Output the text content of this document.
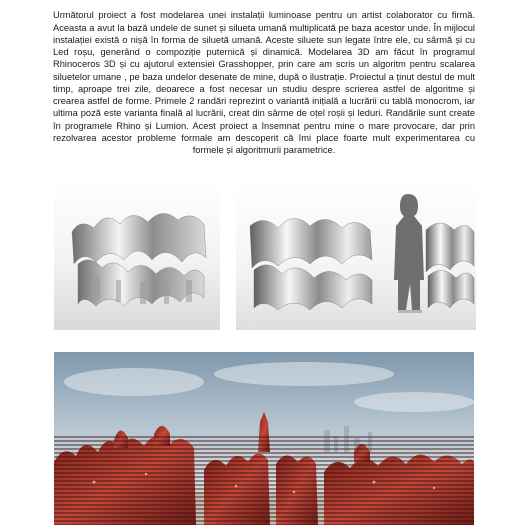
Următorul proiect a fost modelarea unei instalații luminoase pentru un artist colaborator cu firmă. Aceasta a avut la bază undele de sunet și silueta umană multiplicată pe baza acestor unde. În mijlocul instalației există o nișă în forma de siluetă umană. Aceste siluete sun legate între ele, cu sârmă și cu Led roșu, generând o compoziție puternică și dinamică. Modelarea 3D am făcut în programul Rhinoceros 3D și cu ajutorul extensiei Grasshopper, prin care am scris un algoritm pentru scalarea siluetelor umane , pe baza undelor desenate de mine, după o ilustrație. Proiectul a ținut destul de mult timp, aproape trei zile, deoarece a fost necesar un studiu despre scrierea astfel de algoritme și crearea astfel de forme. Primele 2 randări reprezint o variantă inițială a lucrării cu tablă monocrom, iar ultima poză este varianta finală al lucrării, creat din sârme de oțel roșii și leduri. Randările sunt create în programele Rhino și Lumion. Acest proiect a însemnat pentru mine o mare provocare, dar prin rezolvarea acestor probleme formale am descoperit că îmi place foarte mult experimentarea cu formele și algoritmurii parametrice.
